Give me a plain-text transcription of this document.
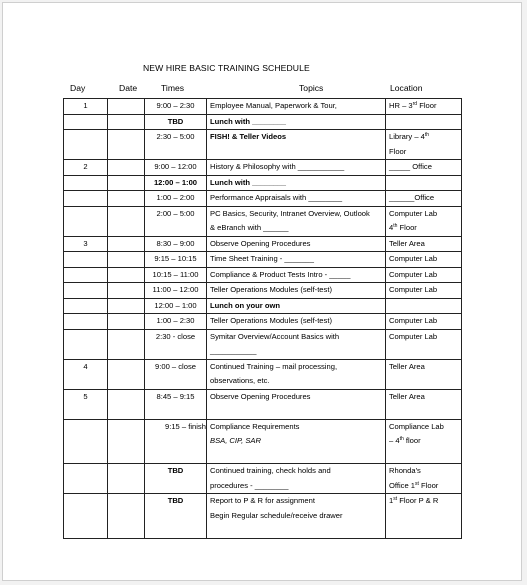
NEW HIRE BASIC TRAINING SCHEDULE
Day	Date	Times	Topics	Location
1		9:00 – 2:30	Employee Manual, Paperwork & Tour,	HR – 3rd Floor

		TBD	Lunch with ________	

		2:30 – 5:00	FISH! & Teller Videos	Library – 4th
Floor

2		9:00 – 12:00	History & Philosophy with ___________	_____ Office

		12:00 – 1:00	Lunch with ________	

		1:00 – 2:00	Performance Appraisals with ________	______Office

		2:00 – 5:00	PC Basics, Security, Intranet Overview, Outlook
& eBranch with ______	Computer Lab
4th Floor

3		8:30 – 9:00	Observe Opening Procedures	Teller Area

		9:15 – 10:15	Time Sheet Training - _______	Computer Lab

		10:15 – 11:00	Compliance & Product Tests Intro - _____	Computer Lab

		11:00 – 12:00	Teller Operations Modules (self-test)	Computer Lab

		12:00 – 1:00	Lunch on your own	

		1:00 – 2:30	Teller Operations Modules (self-test)	Computer Lab

		2:30 - close	Symitar Overview/Account Basics with
___________	Computer Lab

4		9:00 – close	Continued Training – mail processing,
observations, etc.	Teller Area

5		8:45 – 9:15	Observe Opening Procedures	Teller Area

		9:15 – finish	Compliance Requirements
BSA, CIP, SAR	Compliance Lab
– 4th floor

		TBD	Continued training, check holds and
procedures - ________	Rhonda's
Office 1st Floor

		TBD	Report to P & R for assignment
Begin Regular schedule/receive drawer	1st Floor P & R
